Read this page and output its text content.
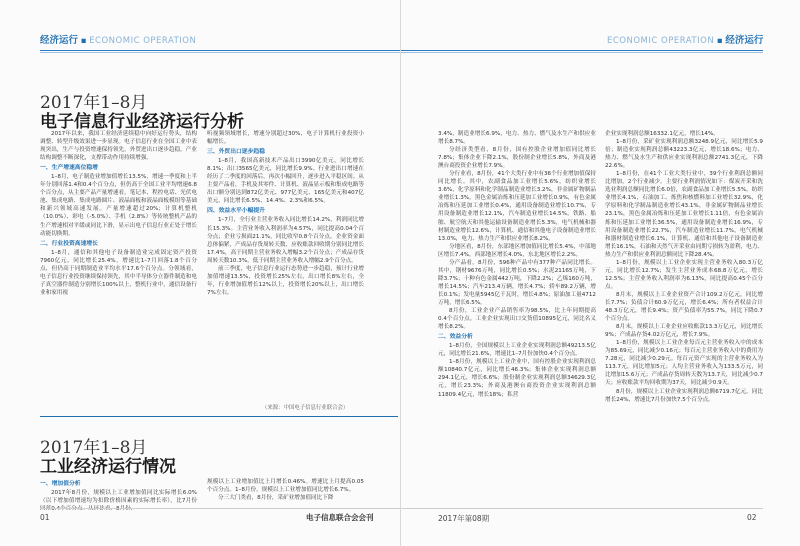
经济运行 ▪ ECONOMIC OPERATION
2017年1–8月
电子信息行业经济运行分析

2017年以来，我国工业经济延续稳中向好运行势头，结构调整、转型升级效果进一步显现。电子信息行业在全国工业中表现突出，生产与投资增速保持领先，外贸进出口逐步趋稳，产业结构调整不断深化，支撑带动作用持续增强。

一、生产增速高位稳增

1–8月，电子制造业增加值增长13.5%，增速一季度和上半年分别回落1.4和0.4个百分点，但仍高于全国工业平均增速6.8个百分点，从主要产品产量增速看，笔记本、程控电话、光伏电池、集成电路、集成电路圆片、液晶面板和液晶面板模组等基础和新兴领域高速发展。产量增速超过20%；计算机整机（10.0%）、彩电（-5.0%）、手机（2.8%）等传统整机产品的生产增速相对平缓或同比下滑，显示出电子信息行业正处于增长动能切换期。

二、行业投资高速增长

1–8月，通信和其他电子设备制造业完成固定资产投资7960亿元，同比增长25.4%，增速比1–7月回落1.8个百分点，但仍高于同期制造业平均水平17.6个百分点。分领域看，电子信息行业投资继续保持领先，其中半导体分立器件制造和电子真空器件制造分别增长100%以上，整机行业中，通信设备行业和家用视

听视频领域增长，增速分别超过30%，电子计算机行业投资小幅增长。

三、外贸出口逐步趋稳

1–8月，我国高新技术产品出口3990亿美元，同比增长8.1%；出口3565亿美元，同比增长9.9%。行业进出口增速在经历了二季度的回落后，再次小幅回升，逐步进入平稳区间。从主要产品看，手机及其零件、计算机、液晶显示板和集成电路等出口额分别达到872亿美元、977亿美元、165亿美元和407亿美元，同比增长6.5%、14.4%、2.3%和6.5%。

四、效益水平小幅提升

1–7月，全行业主营业务收入同比增长14.2%，利润同比增长15.3%。主营业务收入利润率为4.57%，同比提高0.04个百分点；企业亏损面21.1%，同比收窄0.8个百分点。企业资金面总体偏紧，产成品存货周转天数、应收账款回收期分别同比增长17.4%，高于同期主营业务收入增幅3.2个百分点；产成品存货周转天数10.3%，低于同期主营业务收入增幅2.9个百分点。

前三季度，电子信息行业运行态势进一步趋稳，预计行业增加值增速13.5%，投资增长25%左右，出口增长8%左右，全年，行业增加值增长12%以上，投资增长20%以上，出口增长7%左右。

（来源：中国电子信息行业联合会）
2017年1–8月
工业经济运行情况
一、增加值分析

2017年8月份，规模以上工业增加值同比实际增长6.0%（以下增加值增速均为扣除价格因素的实际增长率），比7月份

规模以上工业增加值比上月增长0.46%。增速比上月提高0.05个百分点。1–8月份，规模以上工业增加值同比增长6.7%。

分三大门类看，8月份，采矿业增加值同比下降

01	电子信息联合会会刊
ECONOMIC OPERATION ▪ 经济运行

3.4%，制造业增长6.9%，电力、热力、燃气及水生产和供应业增长8.7%。

分经济类型看，8月份，国有控股企业增加值同比增长7.8%；集体企业下降2.1%，股份制企业增长5.8%，外商及港澳台商投资企业增长7.9%。

分行业看，8月份，41个大类行业中有36个行业增加值保持同比增长。其中，农副食品加工业增长5.6%，纺织业增长3.6%，化学原料和化学制品制造业增长3.2%，非金属矿物制品业增长1.3%，黑色金属冶炼和压延加工业增长0.9%，有色金属冶炼和压延加工业增长0.4%，通用设备制造业增长10.7%，专用设备制造业增长12.1%，汽车制造业增长14.5%，铁路、船舶、航空航天和其他运输设备制造业增长5.3%，电气机械和器材制造业增长12.6%，计算机、通信和其他电子设备制造业增长13.0%，电力、热力生产和供应业增长8.2%。

分地区看，8月份，东部地区增加值同比增长5.4%，中部地区增长7.4%，西部地区增长4.0%，东北地区增长2.2%。

分产品看，8月份，596种产品中有377种产品同比增长。其中，钢材9676万吨，同比增长0.5%；水泥21165万吨，下降3.7%；十种有色金属442万吨，下降2.2%；乙烯160万吨，增长14.5%；汽车213.4万辆，增长4.7%；轿车89.2万辆，增长0.1%；发电量5945亿千瓦时，增长4.8%；原油加工量4712万吨，增长6.5%。

8月份，工业企业产品销售率为98.5%，比上年同期提高0.4个百分点。工业企业实现出口交货值10895亿元，同比名义增长8.2%。

二、效益分析

1–8月份，全国规模以上工业企业实现利润总额49213.5亿元，同比增长21.6%，增速比1–7月份加快0.4个百分点。

1–8月份，规模以上工业企业中，国有控股企业实现利润总额10840.7亿元，同比增长46.3%；集体企业实现利润总额294.1亿元，增长6.6%；股份制企业实现利润总额34629.3亿元，增长23.3%；外商及港澳台商投资企业实现利润总额11809.4亿元，增长18%；私营

企业实现利润总额16332.1亿元，增长14%。

1–8月份，采矿业实现利润总额3248.9亿元，同比增长5.9倍；制造业实现利润总额43223.3亿元，增长18.6%；电力、热力、燃气及水生产和供应业实现利润总额2741.3亿元，下降22.6%。

1–8月份，在41个工业大类行业中，39个行业利润总额同比增加，2个行业减少。主要行业利润情况如下：煤炭开采和洗选业利润总额同比增长6.0倍，农副食品加工业增长5.5%，纺织业增长4.1%，石油加工、炼焦和核燃料加工业增长32.9%，化学原料和化学制品制造业增长43.1%，非金属矿物制品业增长23.1%，黑色金属冶炼和压延加工业增长1.11倍，有色金属冶炼和压延加工业增长36.5%，通用设备制造业增长16.9%，专用设备制造业增长22.7%，汽车制造业增长11.7%，电气机械和器材制造业增长6.1%，计算机、通信和其他电子设备制造业增长16.1%，石油和天然气开采业由同期亏损转为盈利，电力、热力生产和供应业利润总额同比下降28.4%。

1–8月份，规模以上工业企业实现主营业务收入80.3万亿元，同比增长12.7%；发生主营业务成本68.8万亿元，增长12.5%；主营业务收入利润率为6.13%，同比提高0.45个百分点。

8月末，规模以上工业企业资产合计109.2万亿元，同比增长7.7%；负债合计60.9万亿元，增长6.4%；所有者权益合计48.3万亿元，增长9.4%；资产负债率为55.7%，同比下降0.7个百分点。

8月末，规模以上工业企业应收账款13.3万亿元，同比增长9%；产成品存货4.02万亿元，增长7.9%。

1–8月份，规模以上工业企业每百元主营业务收入中的成本为85.69元，同比减少0.16元；每百元主营业务收入中的费用为7.28元，同比减少0.29元。每百元资产实现的主营业务收入为113.7元，同比增加5元；人均主营业务收入为133.5万元，同比增加15.6万元；产成品存货周转天数为13.7天，同比减少0.7天；应收账款平均回收期为37天，同比减少0.9天。

8月份，规模以上工业企业实现利润总额6719.7亿元，同比增长24%，增速比7月份加快7.5个百分点。

2017年第08期	02
